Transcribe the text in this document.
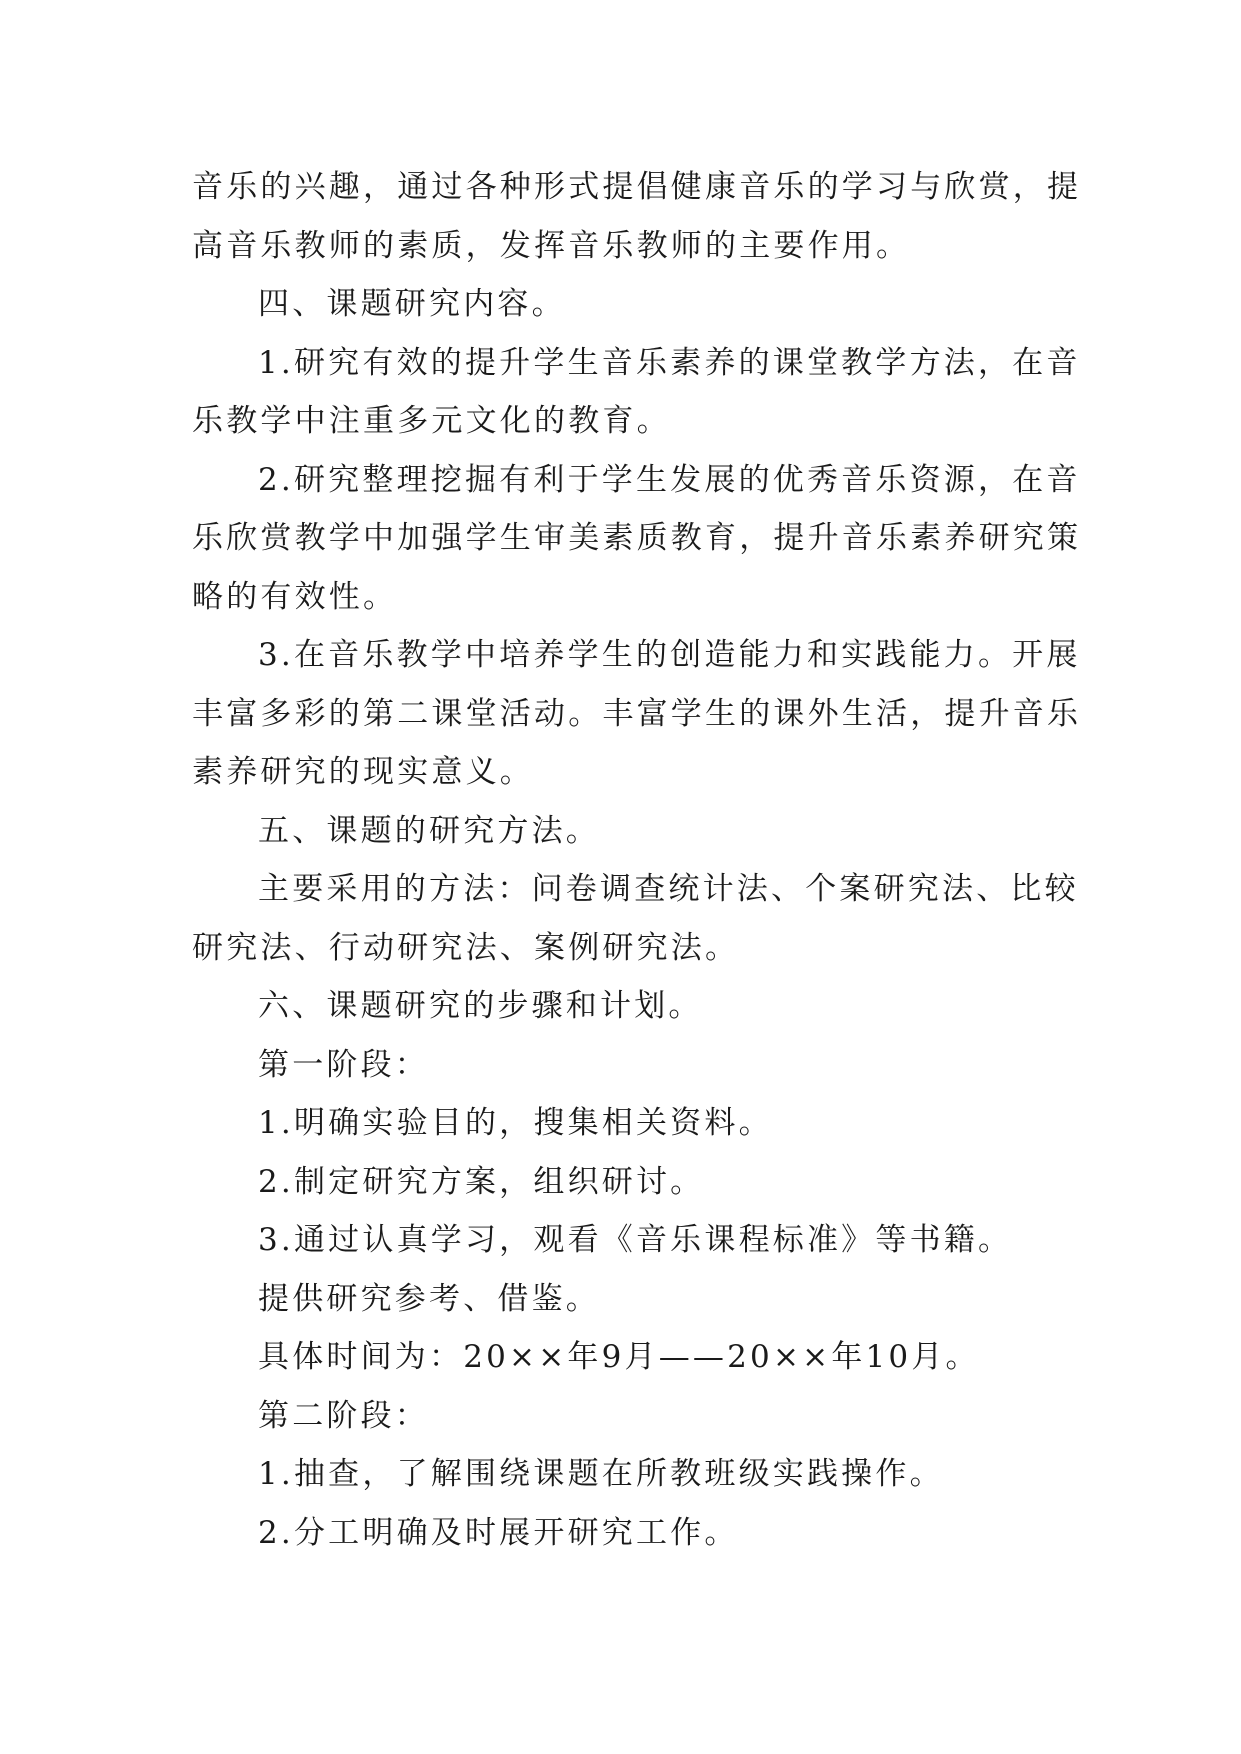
音乐的兴趣，通过各种形式提倡健康音乐的学习与欣赏，提
高音乐教师的素质，发挥音乐教师的主要作用。
四、课题研究内容。
1.研究有效的提升学生音乐素养的课堂教学方法，在音
乐教学中注重多元文化的教育。
2.研究整理挖掘有利于学生发展的优秀音乐资源，在音
乐欣赏教学中加强学生审美素质教育，提升音乐素养研究策
略的有效性。
3.在音乐教学中培养学生的创造能力和实践能力。开展
丰富多彩的第二课堂活动。丰富学生的课外生活，提升音乐
素养研究的现实意义。
五、课题的研究方法。
主要采用的方法：问卷调查统计法、个案研究法、比较
研究法、行动研究法、案例研究法。
六、课题研究的步骤和计划。
第一阶段：
1.明确实验目的，搜集相关资料。
2.制定研究方案，组织研讨。
3.通过认真学习，观看《音乐课程标准》等书籍。
提供研究参考、借鉴。
具体时间为：20××年9月——20××年10月。
第二阶段：
1.抽查，了解围绕课题在所教班级实践操作。
2.分工明确及时展开研究工作。
